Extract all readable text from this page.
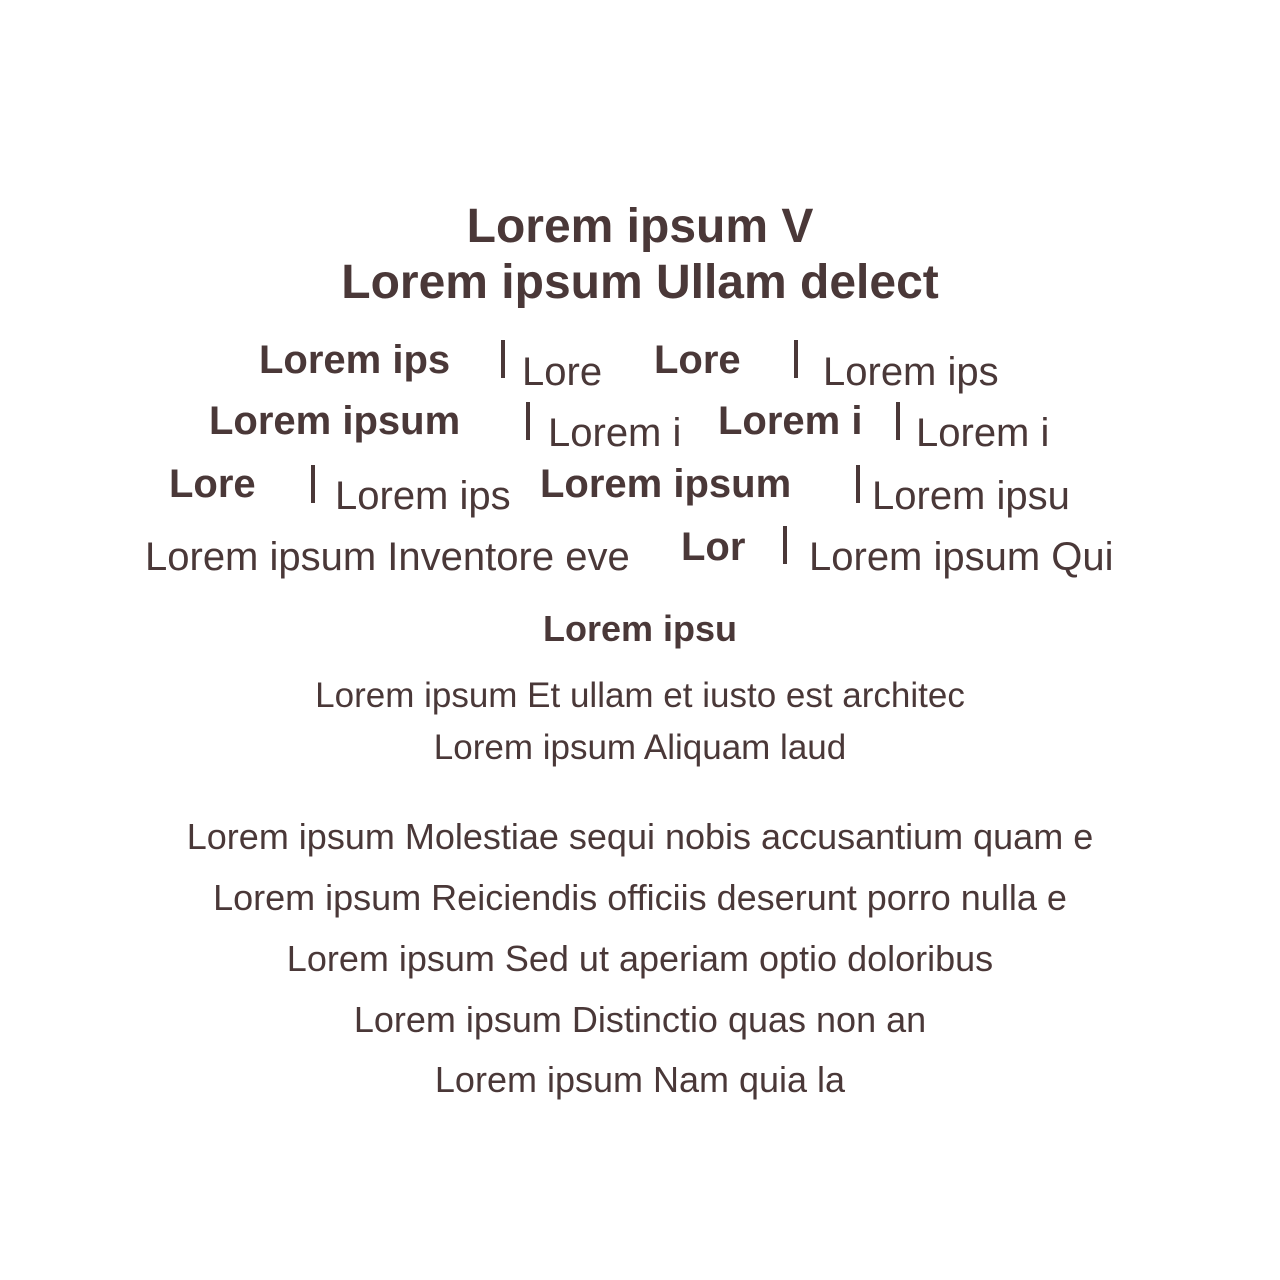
Lorem ipsum V
Lorem ipsum Ullam delect
Lorem ips Lore Lore Lorem ips
Lorem ipsum Lorem i Lorem i Lorem i
Lore Lorem ips Lorem ipsum Lorem ipsu
Lorem ipsum Inventore eve Lor Lorem ipsum Qui
Lorem ipsu
Lorem ipsum Et ullam et iusto est architec
Lorem ipsum Aliquam laud
Lorem ipsum Molestiae sequi nobis accusantium quam e
Lorem ipsum Reiciendis officiis deserunt porro nulla e
Lorem ipsum Sed ut aperiam optio doloribus
Lorem ipsum Distinctio quas non an
Lorem ipsum Nam quia la
